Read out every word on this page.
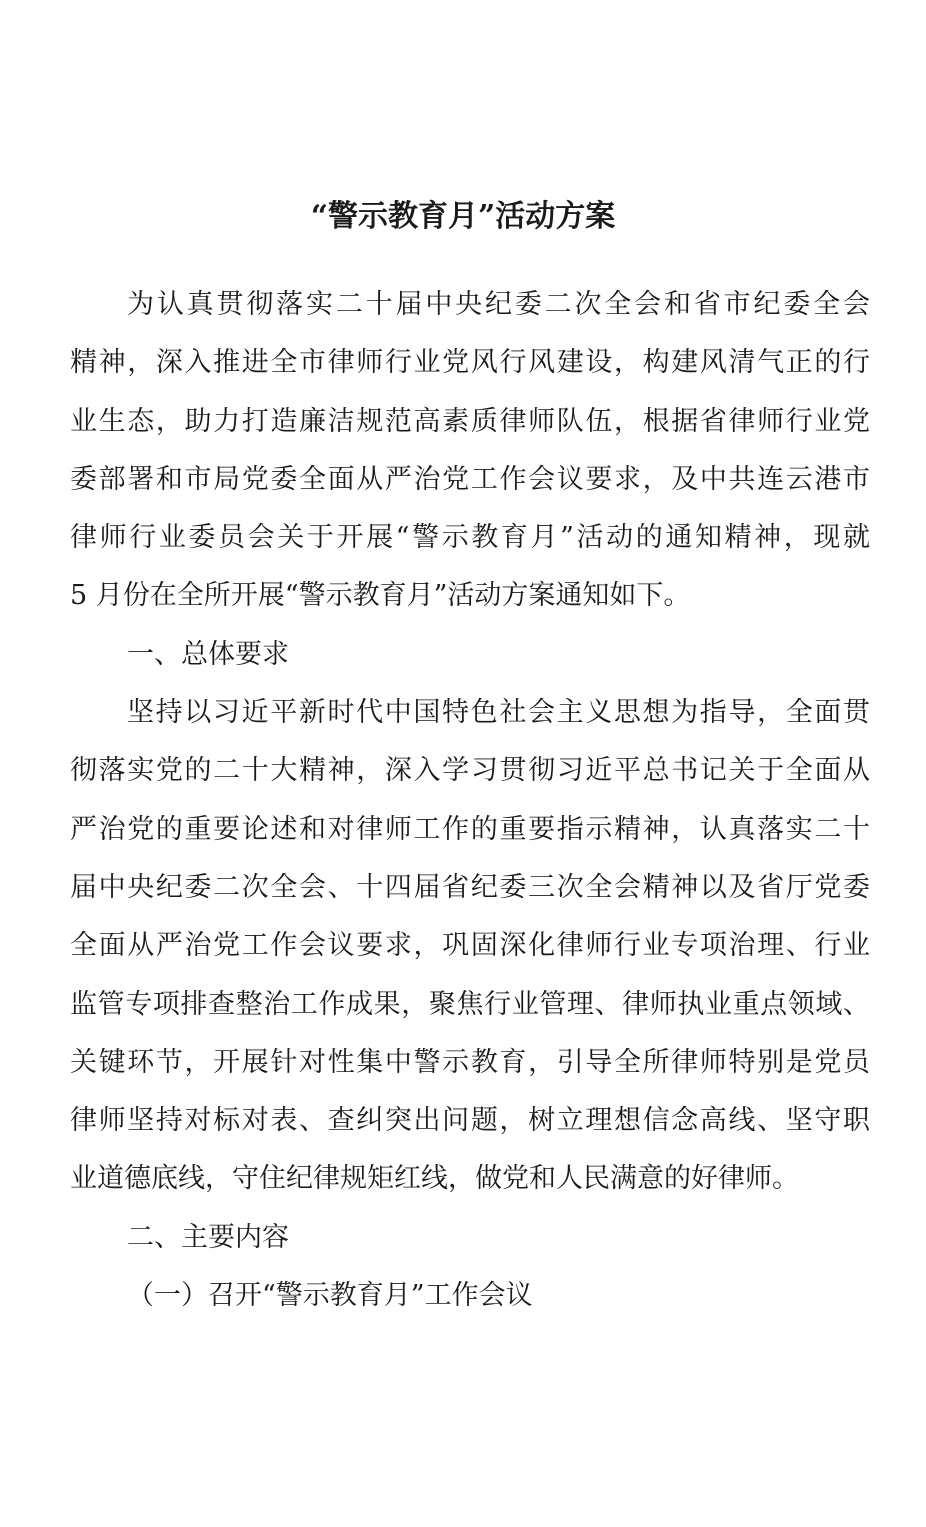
“警示教育月”活动方案
为认真贯彻落实二十届中央纪委二次全会和省市纪委全会
精神，深入推进全市律师行业党风行风建设，构建风清气正的行
业生态，助力打造廉洁规范高素质律师队伍，根据省律师行业党
委部署和市局党委全面从严治党工作会议要求，及中共连云港市
律师行业委员会关于开展“警示教育月”活动的通知精神，现就
5 月份在全所开展“警示教育月”活动方案通知如下。
一、总体要求
坚持以习近平新时代中国特色社会主义思想为指导，全面贯
彻落实党的二十大精神，深入学习贯彻习近平总书记关于全面从
严治党的重要论述和对律师工作的重要指示精神，认真落实二十
届中央纪委二次全会、十四届省纪委三次全会精神以及省厅党委
全面从严治党工作会议要求，巩固深化律师行业专项治理、行业
监管专项排查整治工作成果，聚焦行业管理、律师执业重点领域、
关键环节，开展针对性集中警示教育，引导全所律师特别是党员
律师坚持对标对表、查纠突出问题，树立理想信念高线、坚守职
业道德底线，守住纪律规矩红线，做党和人民满意的好律师。
二、主要内容
（一）召开“警示教育月”工作会议
